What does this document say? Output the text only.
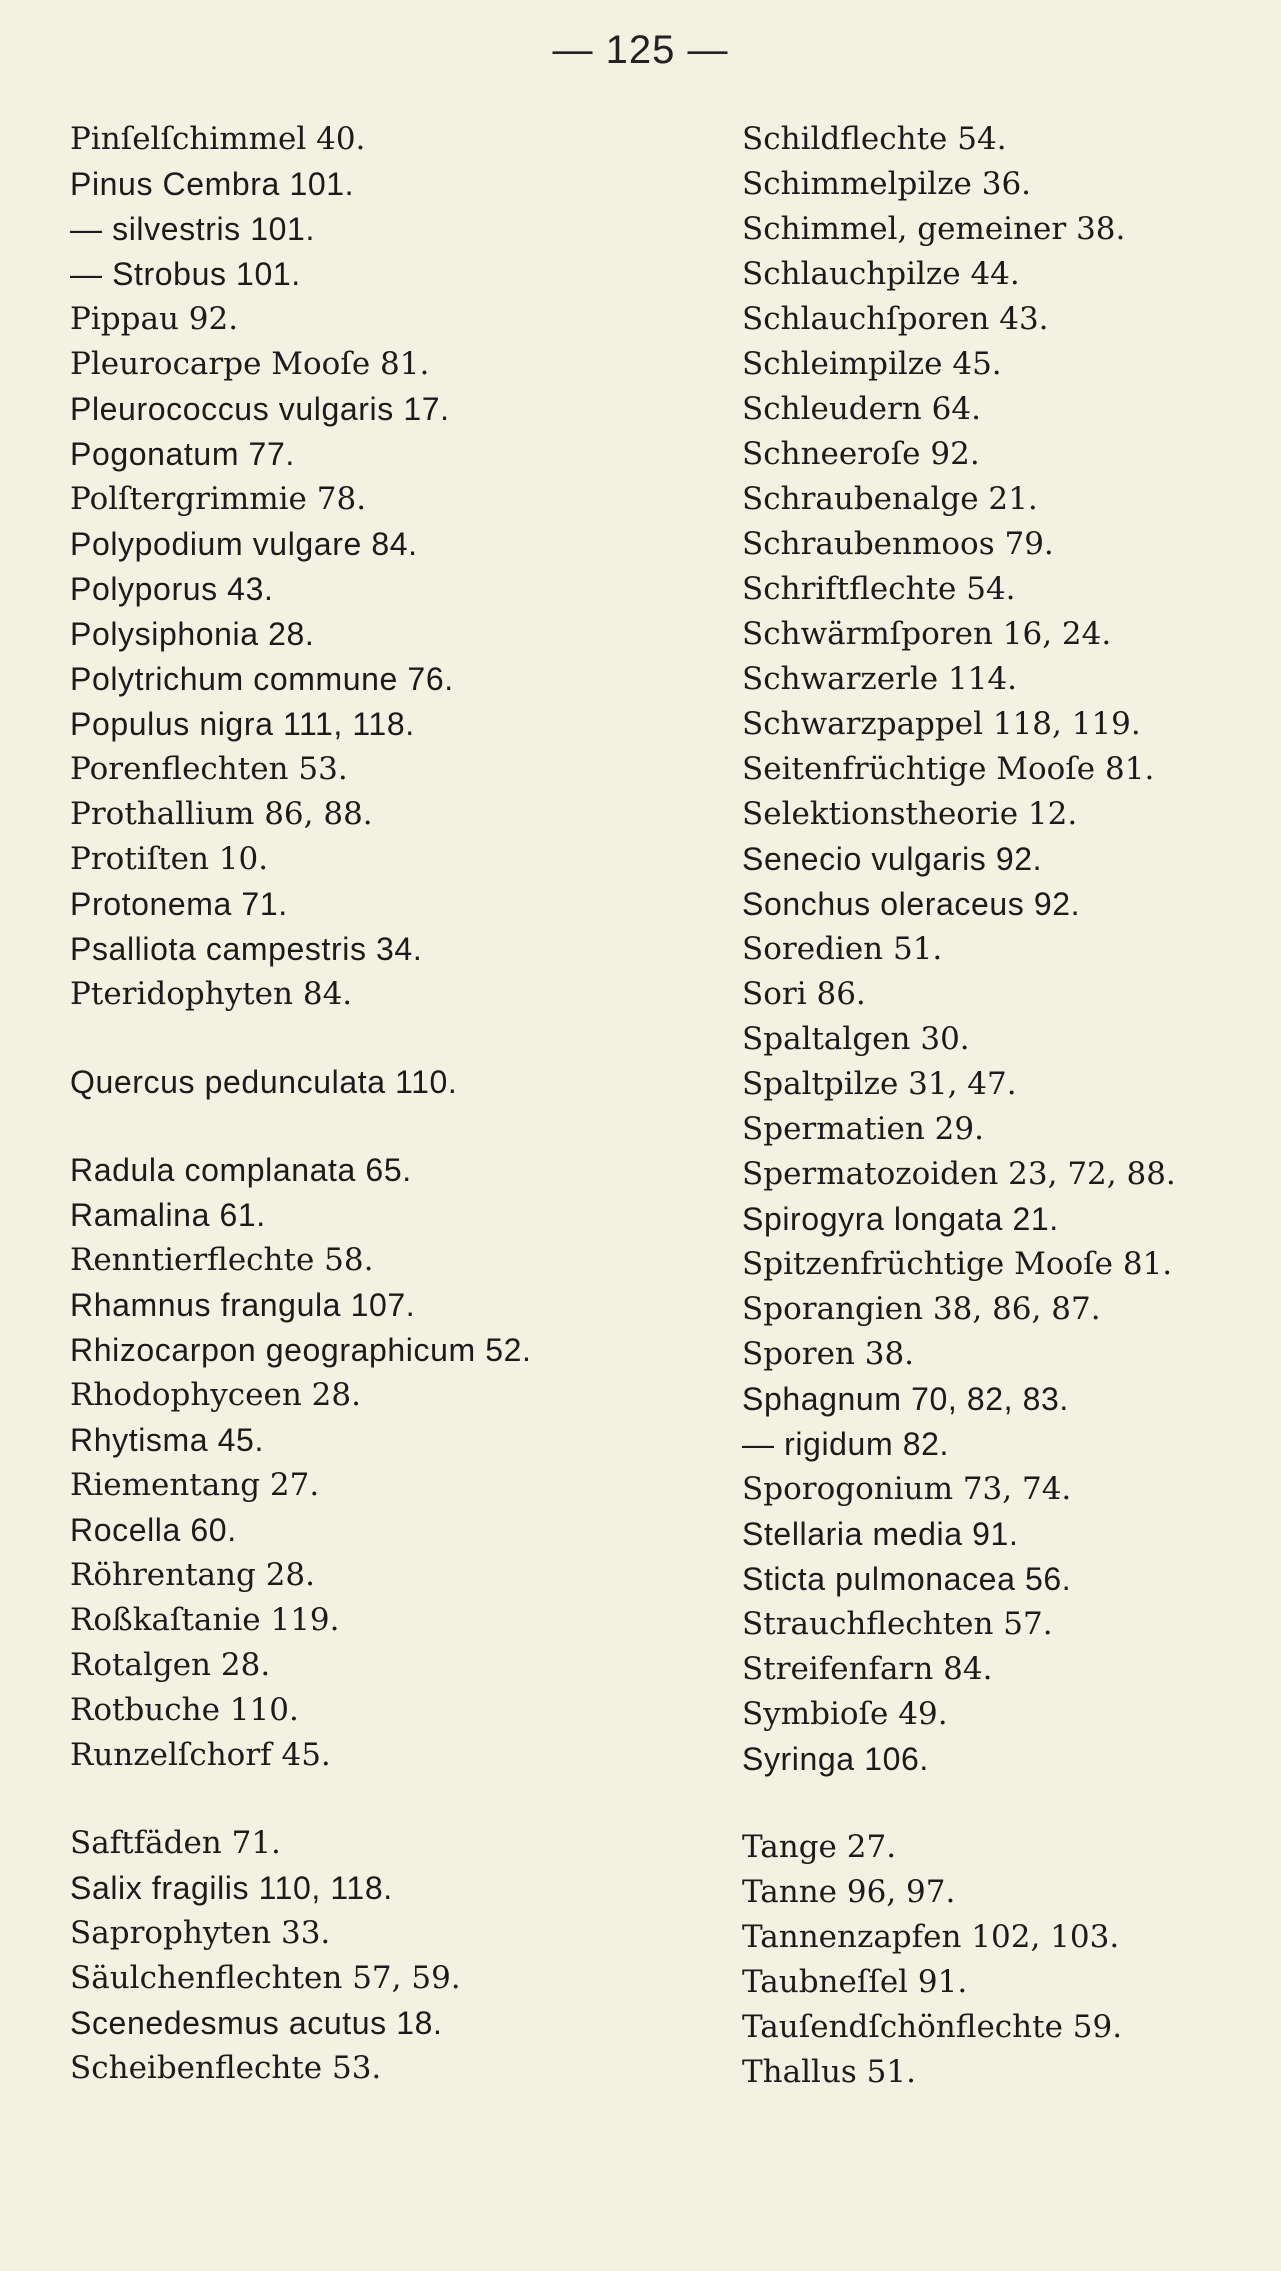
— 125 —
Pinſelſchimmel 40.
Pinus Cembra 101.
— silvestris 101.
— Strobus 101.
Pippau 92.
Pleurocarpe Mooſe 81.
Pleurococcus vulgaris 17.
Pogonatum 77.
Polſtergrimmie 78.
Polypodium vulgare 84.
Polyporus 43.
Polysiphonia 28.
Polytrichum commune 76.
Populus nigra 111, 118.
Porenflechten 53.
Prothallium 86, 88.
Protiſten 10.
Protonema 71.
Psalliota campestris 34.
Pteridophyten 84.
Quercus pedunculata 110.
Radula complanata 65.
Ramalina 61.
Renntierflechte 58.
Rhamnus frangula 107.
Rhizocarpon geographicum 52.
Rhodophyceen 28.
Rhytisma 45.
Riementang 27.
Rocella 60.
Röhrentang 28.
Roßkaſtanie 119.
Rotalgen 28.
Rotbuche 110.
Runzelſchorf 45.
Saftfäden 71.
Salix fragilis 110, 118.
Saprophyten 33.
Säulchenflechten 57, 59.
Scenedesmus acutus 18.
Scheibenflechte 53.
Schildflechte 54.
Schimmelpilze 36.
Schimmel, gemeiner 38.
Schlauchpilze 44.
Schlauchſporen 43.
Schleimpilze 45.
Schleudern 64.
Schneeroſe 92.
Schraubenalge 21.
Schraubenmoos 79.
Schriftflechte 54.
Schwärmſporen 16, 24.
Schwarzerle 114.
Schwarzpappel 118, 119.
Seitenfrüchtige Mooſe 81.
Selektionstheorie 12.
Senecio vulgaris 92.
Sonchus oleraceus 92.
Soredien 51.
Sori 86.
Spaltalgen 30.
Spaltpilze 31, 47.
Spermatien 29.
Spermatozoiden 23, 72, 88.
Spirogyra longata 21.
Spitzenfrüchtige Mooſe 81.
Sporangien 38, 86, 87.
Sporen 38.
Sphagnum 70, 82, 83.
— rigidum 82.
Sporogonium 73, 74.
Stellaria media 91.
Sticta pulmonacea 56.
Strauchflechten 57.
Streifenfarn 84.
Symbioſe 49.
Syringa 106.
Tange 27.
Tanne 96, 97.
Tannenzapfen 102, 103.
Taubneſſel 91.
Tauſendſchönflechte 59.
Thallus 51.
